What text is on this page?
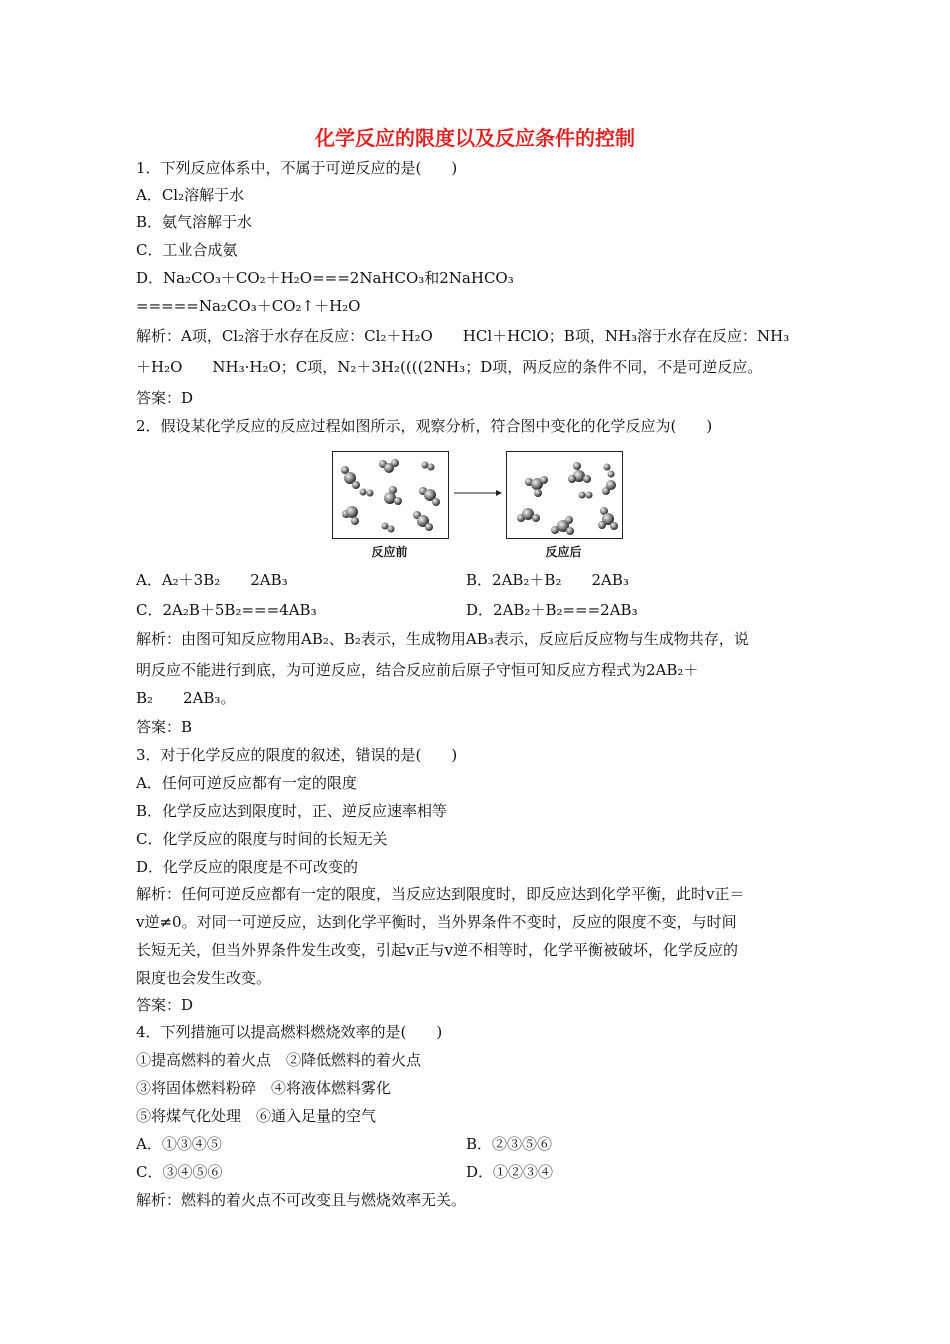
化学反应的限度以及反应条件的控制
1．下列反应体系中，不属于可逆反应的是(　　)
A．Cl₂溶解于水
B．氨气溶解于水
C．工业合成氨
D．Na₂CO₃＋CO₂＋H₂O===2NaHCO₃和2NaHCO₃
=====Na₂CO₃＋CO₂↑＋H₂O
解析：A项，Cl₂溶于水存在反应：Cl₂＋H₂O　　HCl＋HClO；B项，NH₃溶于水存在反应：NH₃
＋H₂O　　NH₃·H₂O；C项，N₂＋3H₂((((2NH₃；D项，两反应的条件不同，不是可逆反应。
答案：D
2．假设某化学反应的反应过程如图所示，观察分析，符合图中变化的化学反应为(　　)
反应前	反应后
A．A₂＋3B₂　　2AB₃	B．2AB₂＋B₂　　2AB₃
C．2A₂B＋5B₂===4AB₃	D．2AB₂＋B₂===2AB₃
解析：由图可知反应物用AB₂、B₂表示，生成物用AB₃表示，反应后反应物与生成物共存，说
明反应不能进行到底，为可逆反应，结合反应前后原子守恒可知反应方程式为2AB₂＋
B₂　　2AB₃。
答案：B
3．对于化学反应的限度的叙述，错误的是(　　)
A．任何可逆反应都有一定的限度
B．化学反应达到限度时，正、逆反应速率相等
C．化学反应的限度与时间的长短无关
D．化学反应的限度是不可改变的
解析：任何可逆反应都有一定的限度，当反应达到限度时，即反应达到化学平衡，此时v正＝
v逆≠0。对同一可逆反应，达到化学平衡时，当外界条件不变时，反应的限度不变，与时间
长短无关，但当外界条件发生改变，引起v正与v逆不相等时，化学平衡被破坏，化学反应的
限度也会发生改变。
答案：D
4．下列措施可以提高燃料燃烧效率的是(　　)
①提高燃料的着火点　②降低燃料的着火点
③将固体燃料粉碎　④将液体燃料雾化
⑤将煤气化处理　⑥通入足量的空气
A．①③④⑤	B．②③⑤⑥
C．③④⑤⑥	D．①②③④
解析：燃料的着火点不可改变且与燃烧效率无关。
